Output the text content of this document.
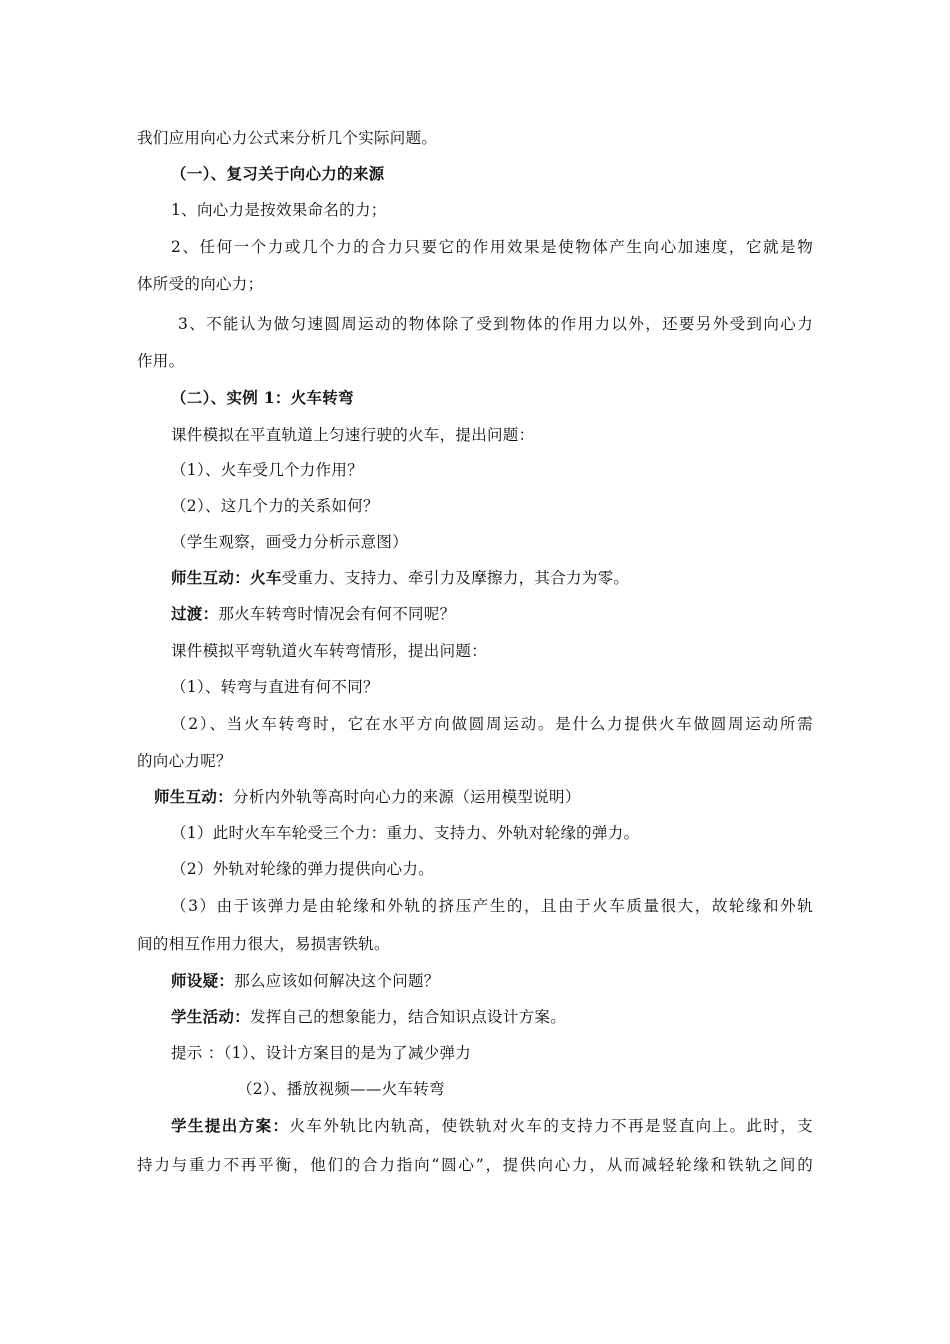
我们应用向心力公式来分析几个实际问题。
（一）、复习关于向心力的来源
1、向心力是按效果命名的力；
2、任何一个力或几个力的合力只要它的作用效果是使物体产生向心加速度，它就是物
体所受的向心力；
3、不能认为做匀速圆周运动的物体除了受到物体的作用力以外，还要另外受到向心力
作用。
（二）、实例 1：火车转弯
课件模拟在平直轨道上匀速行驶的火车，提出问题：
（1）、火车受几个力作用？
（2）、这几个力的关系如何？
（学生观察，画受力分析示意图）
师生互动：火车受重力、支持力、牵引力及摩擦力，其合力为零。
过渡：那火车转弯时情况会有何不同呢？
课件模拟平弯轨道火车转弯情形，提出问题：
（1）、转弯与直进有何不同？
（2）、当火车转弯时，它在水平方向做圆周运动。是什么力提供火车做圆周运动所需
的向心力呢？
师生互动：分析内外轨等高时向心力的来源（运用模型说明）
（1）此时火车车轮受三个力：重力、支持力、外轨对轮缘的弹力。
（2）外轨对轮缘的弹力提供向心力。
（3）由于该弹力是由轮缘和外轨的挤压产生的，且由于火车质量很大，故轮缘和外轨
间的相互作用力很大，易损害铁轨。
师设疑：那么应该如何解决这个问题？
学生活动：发挥自己的想象能力，结合知识点设计方案。
提示 ：（1）、设计方案目的是为了减少弹力
（2）、播放视频——火车转弯
学生提出方案：火车外轨比内轨高，使铁轨对火车的支持力不再是竖直向上。此时，支
持力与重力不再平衡，他们的合力指向“圆心”，提供向心力，从而减轻轮缘和铁轨之间的
